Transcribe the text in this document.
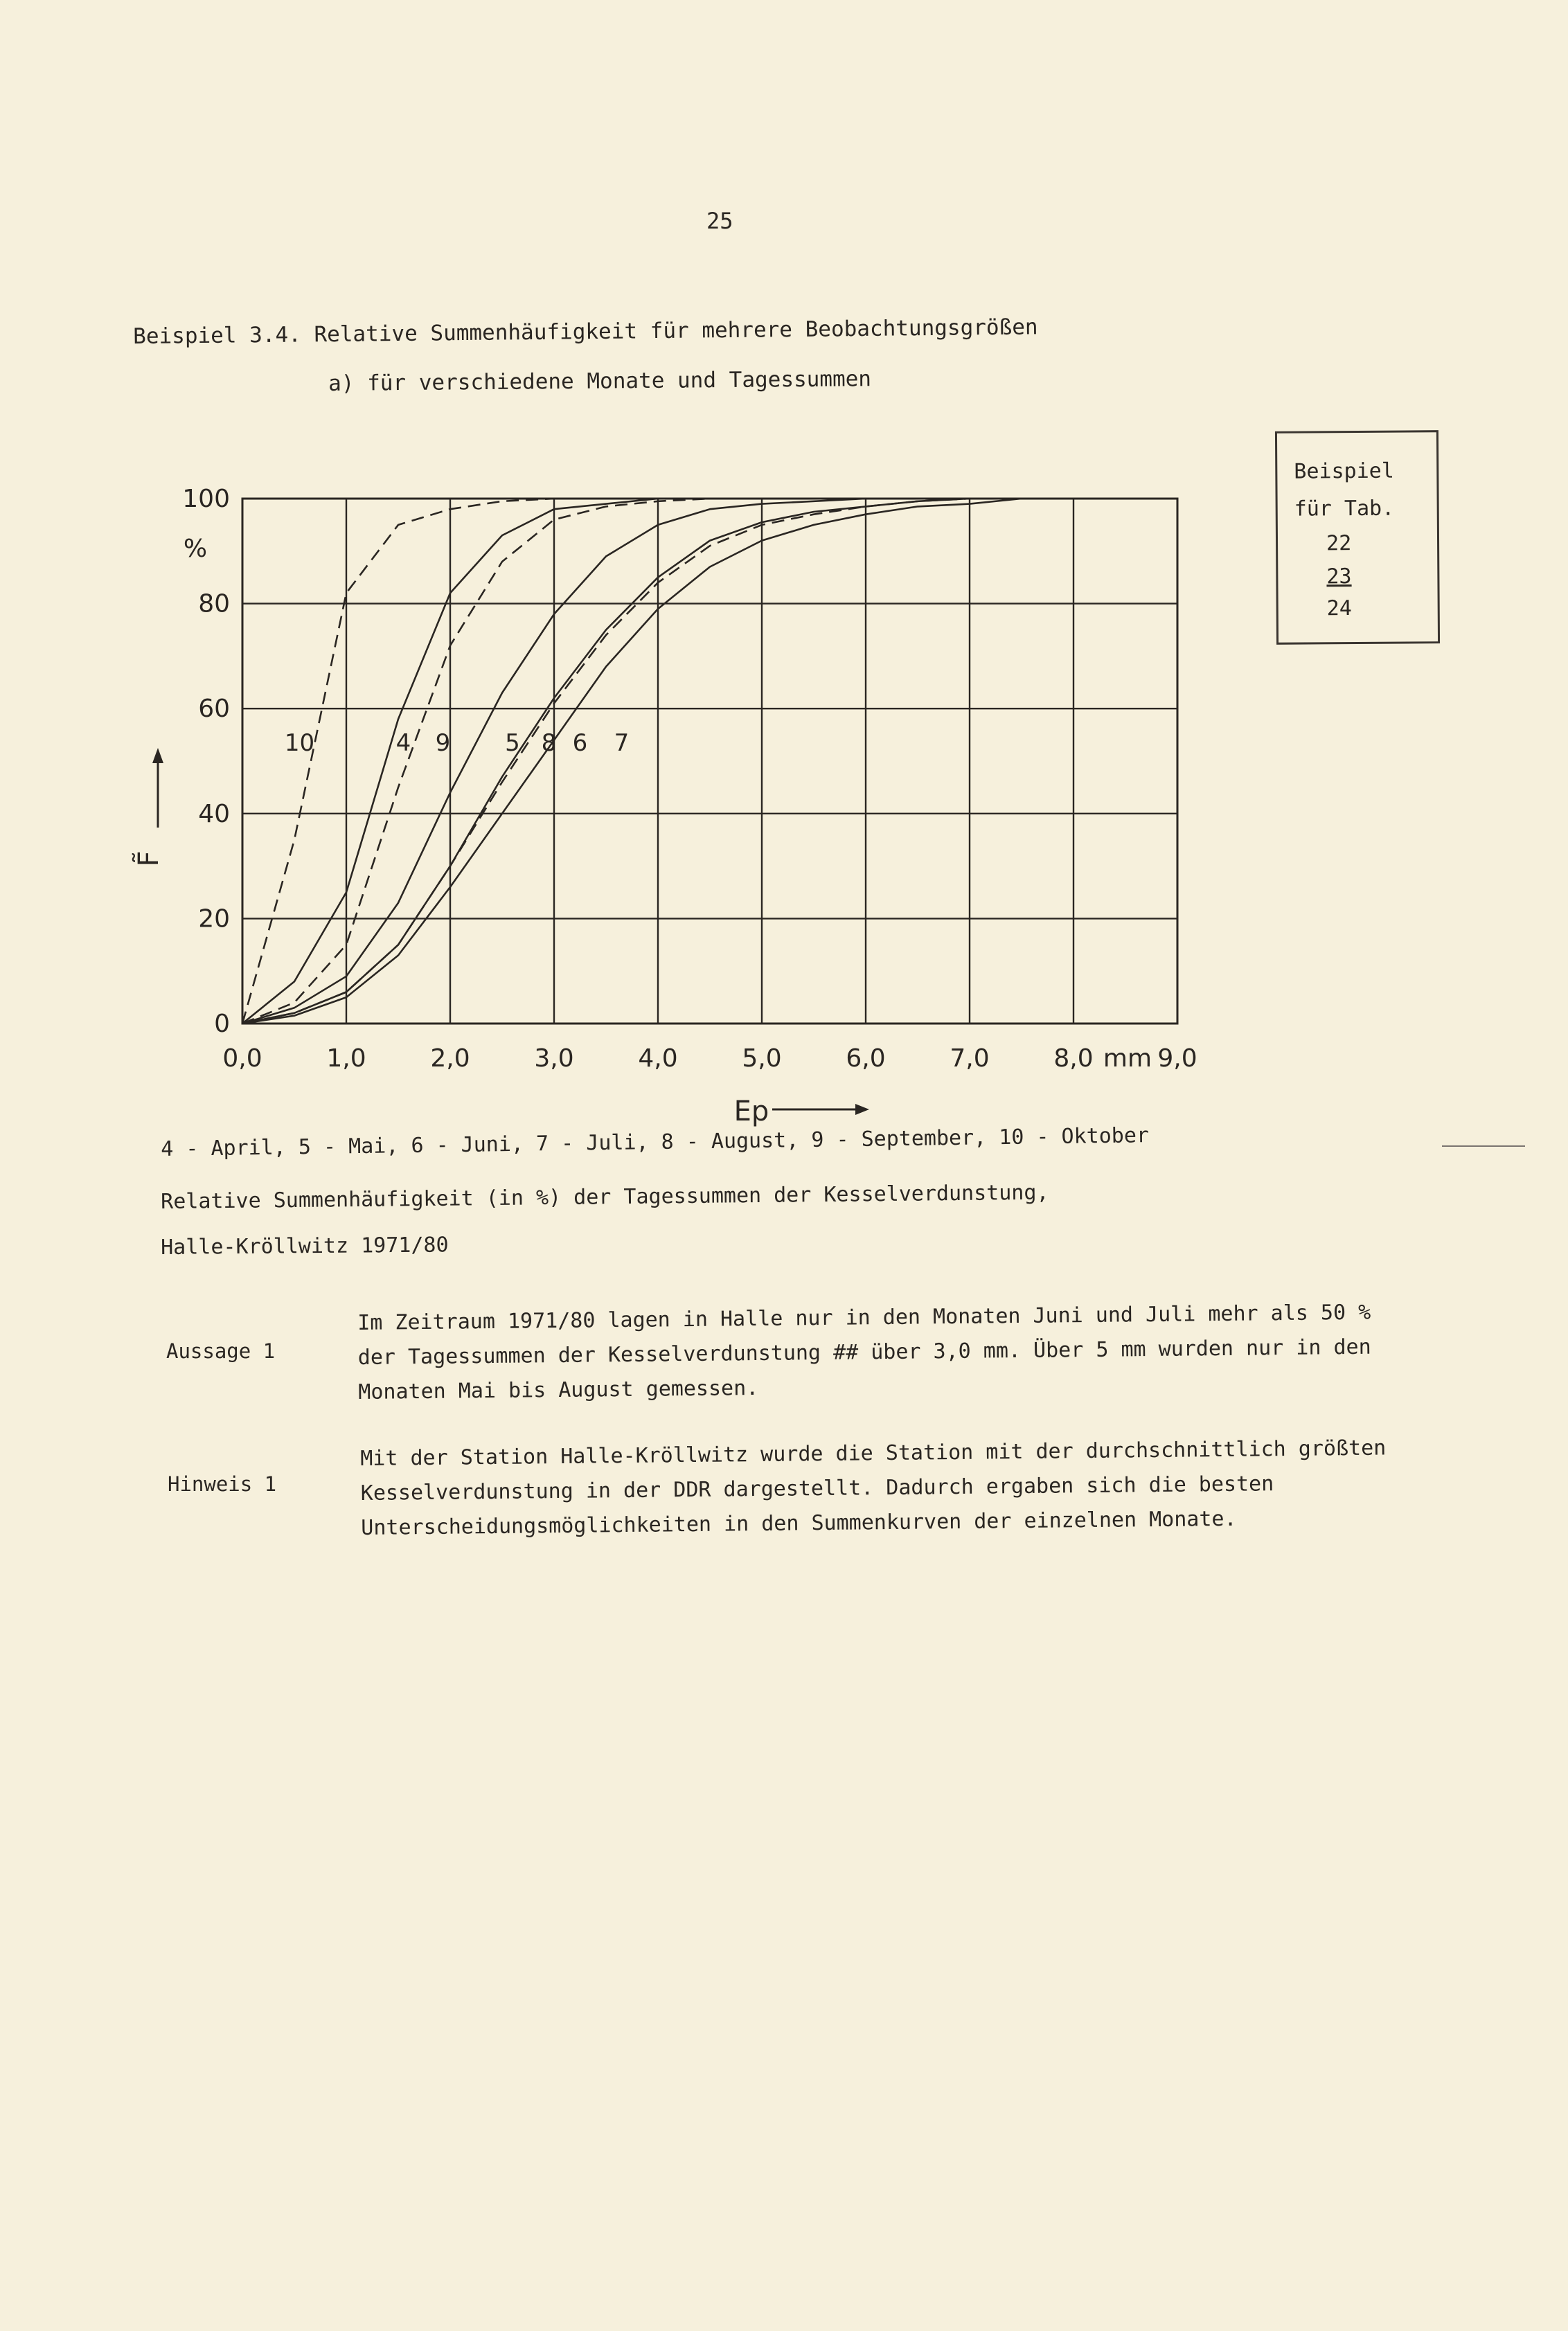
25
Beispiel 3.4. Relative Summenhäufigkeit für mehrere Beobachtungsgrößen
a) für verschiedene Monate und Tagessummen
Beispiel
für Tab.
22
23
24
0,0	1,0	2,0	3,0	4,0	5,0	6,0	7,0	8,0	9,0
0
20
40
60
80
100
10	4 9 5 8 6 7
%
mm
Ep
F̃
4 - April, 5 - Mai, 6 - Juni, 7 - Juli, 8 - August, 9 - September, 10 - Oktober
Relative Summenhäufigkeit (in %) der Tagessummen der Kesselverdunstung,
Halle-Kröllwitz 1971/80
Aussage 1
Im Zeitraum 1971/80 lagen in Halle nur in den Monaten Juni und Juli mehr als 50 % der Tagessummen der Kesselverdunstung ## über 3,0 mm. Über 5 mm wurden nur in den Monaten Mai bis August gemessen.
Hinweis 1
Mit der Station Halle-Kröllwitz wurde die Station mit der durchschnittlich größten Kesselverdunstung in der DDR dargestellt. Dadurch ergaben sich die besten Unterscheidungsmöglichkeiten in den Summenkurven der einzelnen Monate.
